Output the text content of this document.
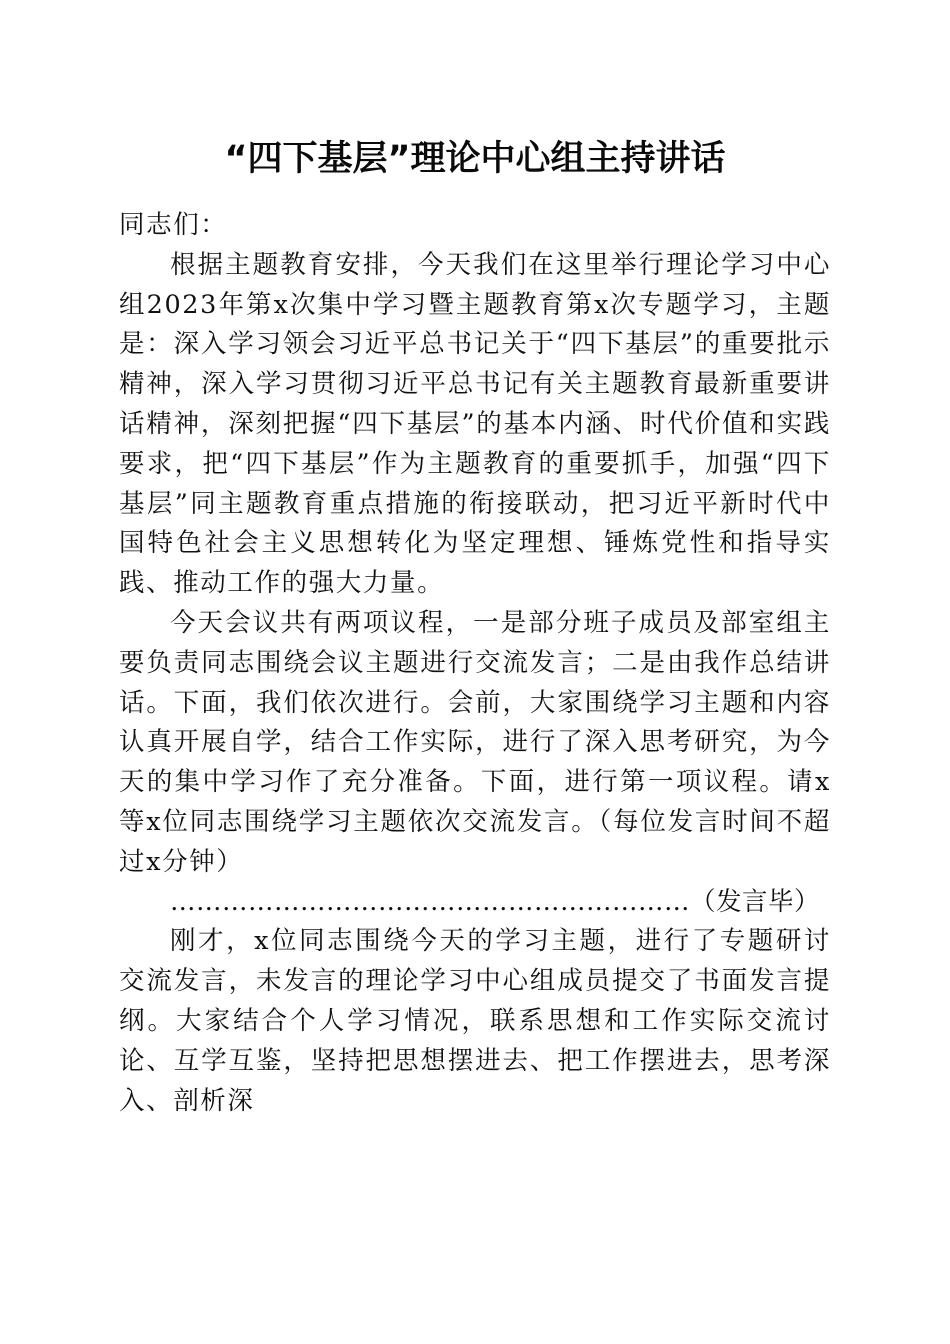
“四下基层”理论中心组主持讲话

同志们：

根据主题教育安排，今天我们在这里举行理论学习中心组2023年第x次集中学习暨主题教育第x次专题学习，主题是：深入学习领会习近平总书记关于“四下基层”的重要批示精神，深入学习贯彻习近平总书记有关主题教育最新重要讲话精神，深刻把握“四下基层”的基本内涵、时代价值和实践要求，把“四下基层”作为主题教育的重要抓手，加强“四下基层”同主题教育重点措施的衔接联动，把习近平新时代中国特色社会主义思想转化为坚定理想、锤炼党性和指导实践、推动工作的强大力量。

今天会议共有两项议程，一是部分班子成员及部室组主要负责同志围绕会议主题进行交流发言；二是由我作总结讲话。下面，我们依次进行。会前，大家围绕学习主题和内容认真开展自学，结合工作实际，进行了深入思考研究，为今天的集中学习作了充分准备。下面，进行第一项议程。请x等x位同志围绕学习主题依次交流发言。（每位发言时间不超过x分钟）

……………………………………………………（发言毕）

刚才，x位同志围绕今天的学习主题，进行了专题研讨交流发言，未发言的理论学习中心组成员提交了书面发言提纲。大家结合个人学习情况，联系思想和工作实际交流讨论、互学互鉴，坚持把思想摆进去、把工作摆进去，思考深入、剖析深
